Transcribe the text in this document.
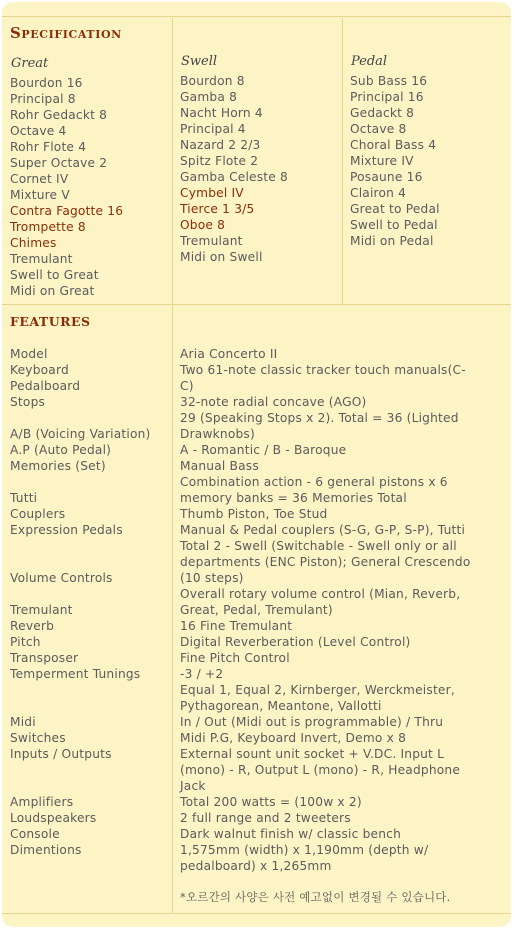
Specification
Great	Swell	Pedal
Bourdon 16
Principal 8
Rohr Gedackt 8
Octave 4
Rohr Flote 4
Super Octave 2
Cornet IV
Mixture V
Contra Fagotte 16
Trompette 8
Chimes
Tremulant
Swell to Great
Midi on Great
Bourdon 8
Gamba 8
Nacht Horn 4
Principal 4
Nazard 2 2/3
Spitz Flote 2
Gamba Celeste 8
Cymbel IV
Tierce 1 3/5
Oboe 8
Tremulant
Midi on Swell
Sub Bass 16
Principal 16
Gedackt 8
Octave 8
Choral Bass 4
Mixture IV
Posaune 16
Clairon 4
Great to Pedal
Swell to Pedal
Midi on Pedal
FEATURES
Model
Keyboard
Pedalboard
Stops

A/B (Voicing Variation)
A.P (Auto Pedal)
Memories (Set)

Tutti
Couplers
Expression Pedals

Volume Controls

Tremulant
Reverb
Pitch
Transposer
Temperment Tunings

Midi
Switches
Inputs / Outputs

Amplifiers
Loudspeakers
Console
Dimentions
Aria Concerto II
Two 61-note classic tracker touch manuals(C-
C)
32-note radial concave (AGO)
29 (Speaking Stops x 2). Total = 36 (Lighted
Drawknobs)
A - Romantic / B - Baroque
Manual Bass
Combination action - 6 general pistons x 6
memory banks = 36 Memories Total
Thumb Piston, Toe Stud
Manual & Pedal couplers (S-G, G-P, S-P), Tutti
Total 2 - Swell (Switchable - Swell only or all
departments (ENC Piston); General Crescendo
(10 steps)
Overall rotary volume control (Mian, Reverb,
Great, Pedal, Tremulant)
16 Fine Tremulant
Digital Reverberation (Level Control)
Fine Pitch Control
-3 / +2
Equal 1, Equal 2, Kirnberger, Werckmeister,
Pythagorean, Meantone, Vallotti
In / Out (Midi out is programmable) / Thru
Midi P.G, Keyboard Invert, Demo x 8
External sount unit socket + V.DC. Input L
(mono) - R, Output L (mono) - R, Headphone
Jack
Total 200 watts = (100w x 2)
2 full range and 2 tweeters
Dark walnut finish w/ classic bench
1,575mm (width) x 1,190mm (depth w/
pedalboard) x 1,265mm
*오르간의 사양은 사전 예고없이 변경될 수 있습니다.
